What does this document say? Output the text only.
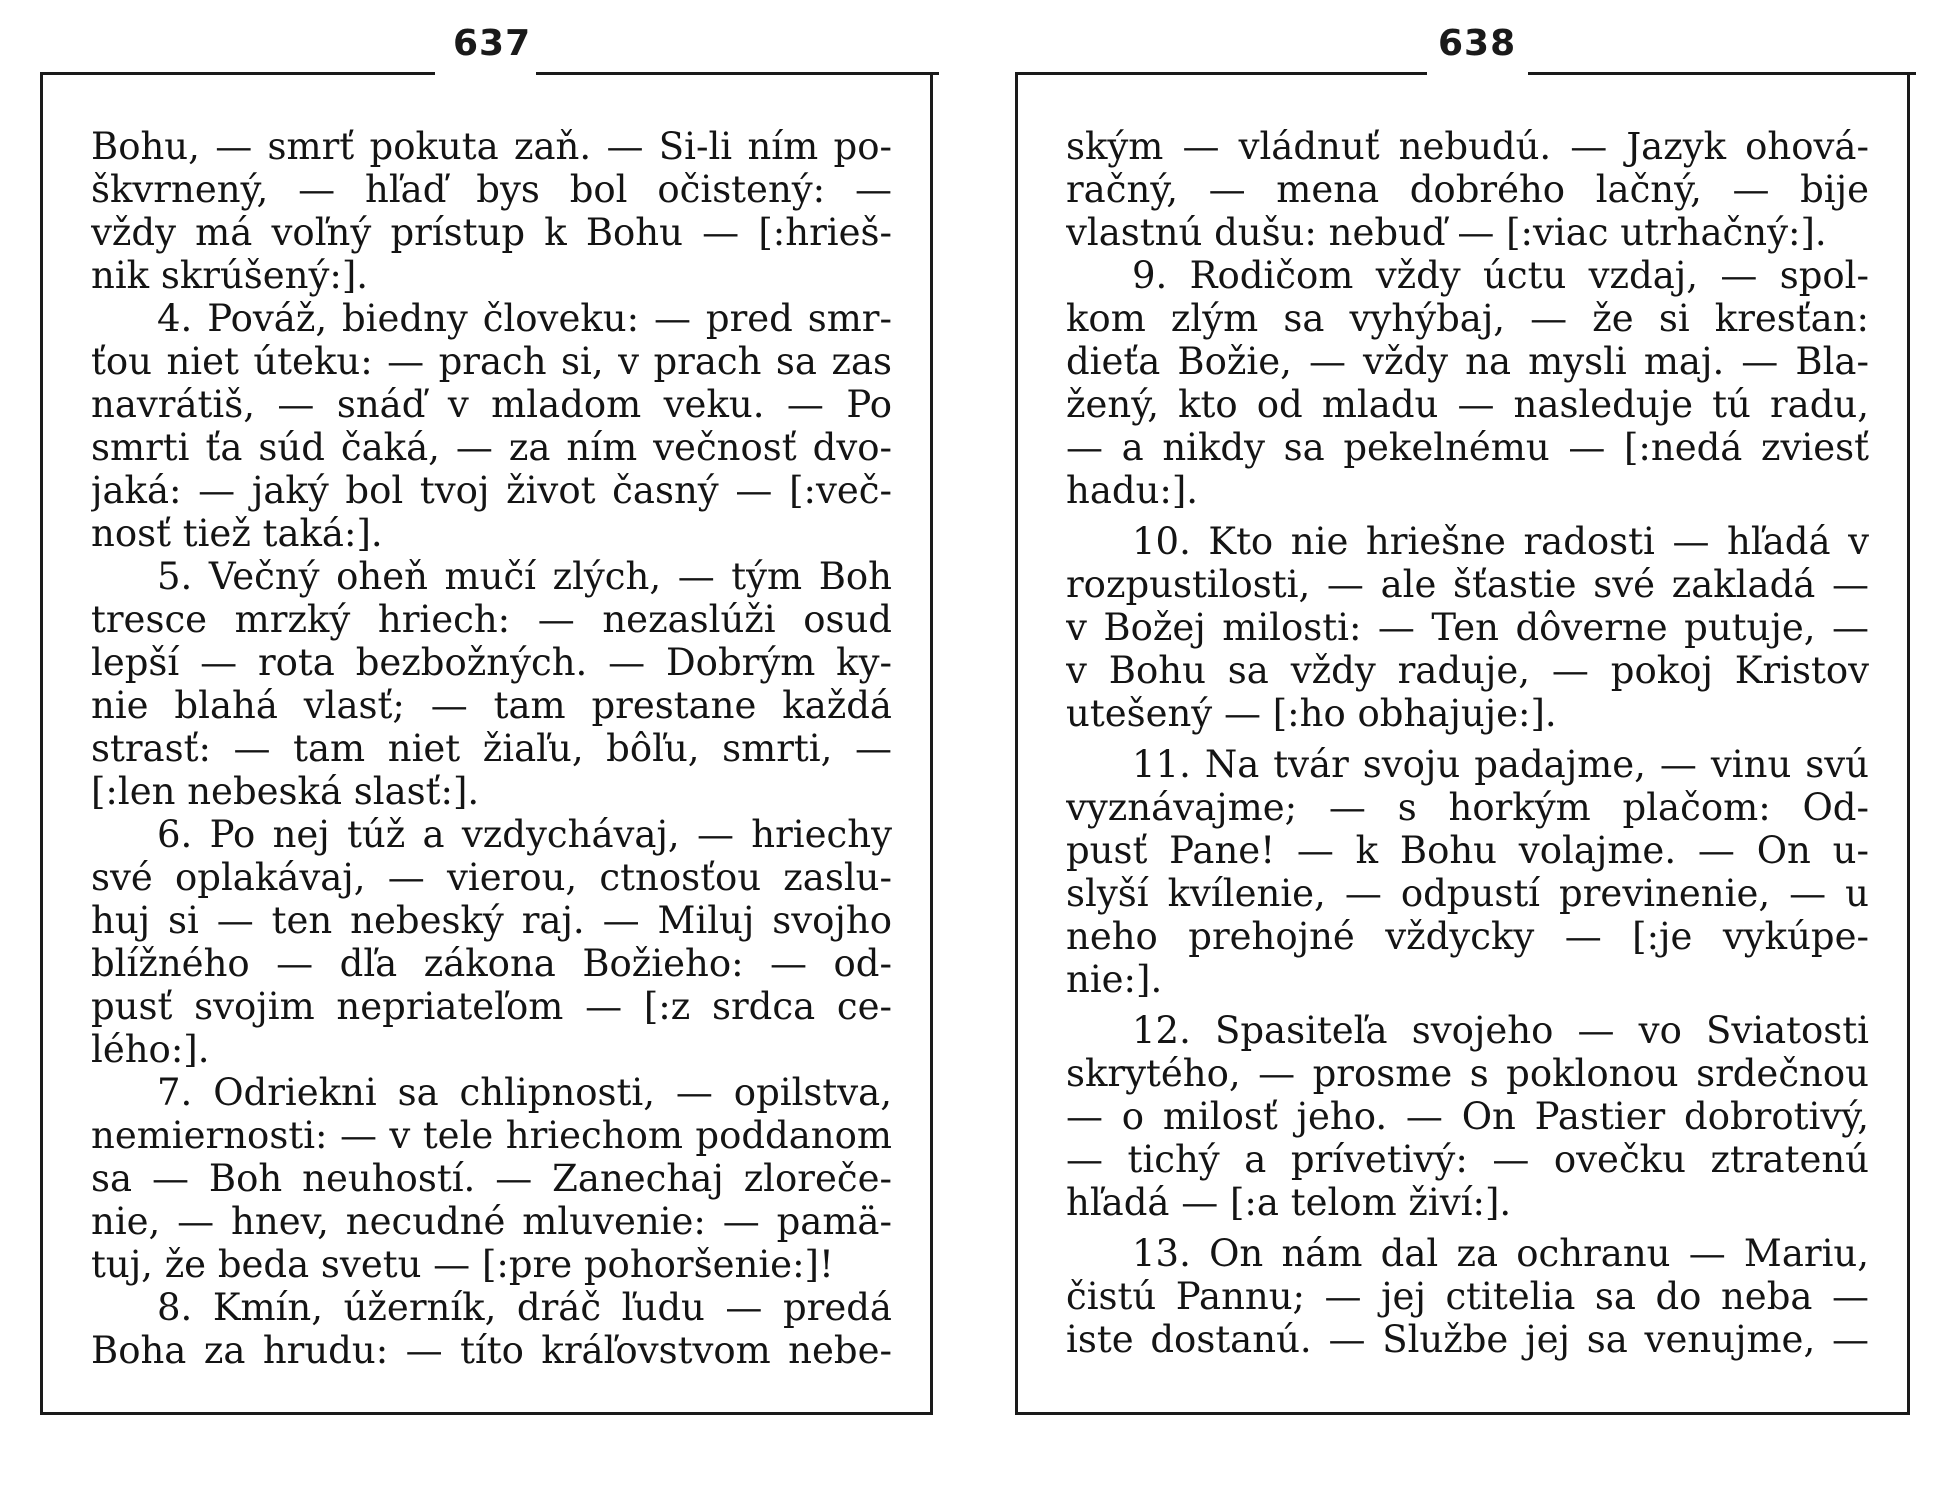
637
Bohu, — smrť pokuta zaň. — Si-li ním po-
škvrnený, — hľaď bys bol očistený: —
vždy má voľný prístup k Bohu — [:hrieš-
nik skrúšený:].
4. Pováž, biedny človeku: — pred smr-
ťou niet úteku: — prach si, v prach sa zas
navrátiš, — snáď v mladom veku. — Po
smrti ťa súd čaká, — za ním večnosť dvo-
jaká: — jaký bol tvoj život časný — [:več-
nosť tiež taká:].
5. Večný oheň mučí zlých, — tým Boh
tresce mrzký hriech: — nezaslúži osud
lepší — rota bezbožných. — Dobrým ky-
nie blahá vlasť; — tam prestane každá
strasť: — tam niet žiaľu, bôľu, smrti, —
[:len nebeská slasť:].
6. Po nej túž a vzdychávaj, — hriechy
své oplakávaj, — vierou, ctnosťou zaslu-
huj si — ten nebeský raj. — Miluj svojho
blížného — dľa zákona Božieho: — od-
pusť svojim nepriateľom — [:z srdca ce-
lého:].
7. Odriekni sa chlipnosti, — opilstva,
nemiernosti: — v tele hriechom poddanom
sa — Boh neuhostí. — Zanechaj zloreče-
nie, — hnev, necudné mluvenie: — pamä-
tuj, že beda svetu — [:pre pohoršenie:]!
8. Kmín, úžerník, dráč ľudu — predá
Boha za hrudu: — títo kráľovstvom nebe-
638
ským — vládnuť nebudú. — Jazyk ohová-
račný, — mena dobrého lačný, — bije
vlastnú dušu: nebuď — [:viac utrhačný:].
9. Rodičom vždy úctu vzdaj, — spol-
kom zlým sa vyhýbaj, — že si kresťan:
dieťa Božie, — vždy na mysli maj. — Bla-
žený, kto od mladu — nasleduje tú radu,
— a nikdy sa pekelnému — [:nedá zviesť
hadu:].
10. Kto nie hriešne radosti — hľadá v
rozpustilosti, — ale šťastie své zakladá —
v Božej milosti: — Ten dôverne putuje, —
v Bohu sa vždy raduje, — pokoj Kristov
utešený — [:ho obhajuje:].
11. Na tvár svoju padajme, — vinu svú
vyznávajme; — s horkým plačom: Od-
pusť Pane! — k Bohu volajme. — On u-
slyší kvílenie, — odpustí previnenie, — u
neho prehojné vždycky — [:je vykúpe-
nie:].
12. Spasiteľa svojeho — vo Sviatosti
skrytého, — prosme s poklonou srdečnou
— o milosť jeho. — On Pastier dobrotivý,
— tichý a prívetivý: — ovečku ztratenú
hľadá — [:a telom živí:].
13. On nám dal za ochranu — Mariu,
čistú Pannu; — jej ctitelia sa do neba —
iste dostanú. — Službe jej sa venujme, —
